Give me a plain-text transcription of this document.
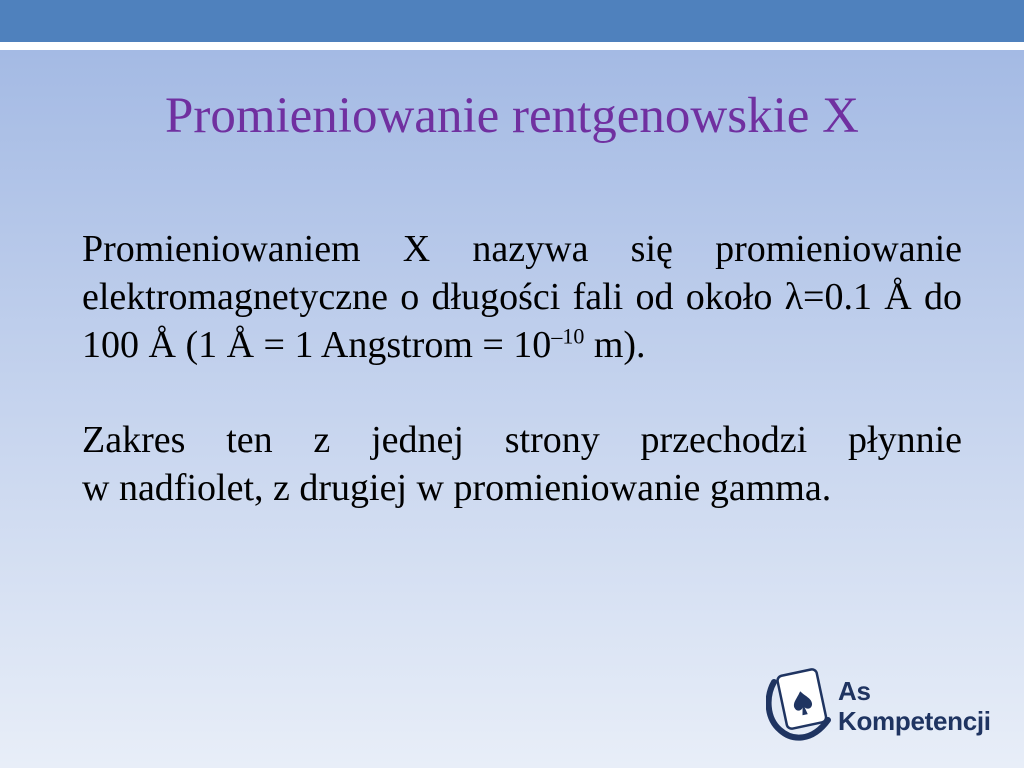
Promieniowanie rentgenowskie X
Promieniowaniem X nazywa się promieniowanie
elektromagnetyczne o długości fali od około λ=0.1 Å do
100 Å (1 Å = 1 Angstrom = $10^{-10}$ m).
Zakres ten z jednej strony przechodzi płynnie
w nadfiolet, z drugiej w promieniowanie gamma.
As
Kompetencji
